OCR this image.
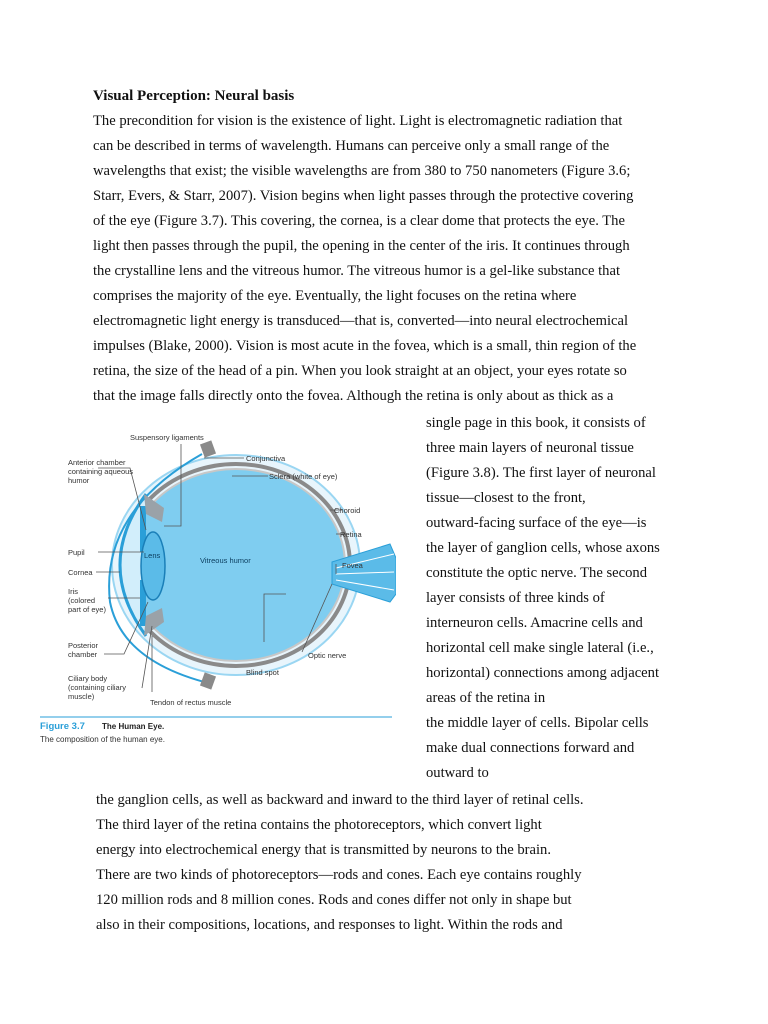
Visual Perception: Neural basis
The precondition for vision is the existence of light. Light is electromagnetic radiation that
can be described in terms of wavelength. Humans can perceive only a small range of the
wavelengths that exist; the visible wavelengths are from 380 to 750 nanometers (Figure 3.6;
Starr, Evers, & Starr, 2007). Vision begins when light passes through the protective covering
of the eye (Figure 3.7). This covering, the cornea, is a clear dome that protects the eye. The
light then passes through the pupil, the opening in the center of the iris. It continues through
the crystalline lens and the vitreous humor. The vitreous humor is a gel-like substance that
comprises the majority of the eye. Eventually, the light focuses on the retina where
electromagnetic light energy is transduced—that is, converted—into neural electrochemical
impulses (Blake, 2000). Vision is most acute in the fovea, which is a small, thin region of the
retina, the size of the head of a pin. When you look straight at an object, your eyes rotate so
that the image falls directly onto the fovea. Although the retina is only about as thick as a
single page in this book, it consists of
three main layers of neuronal tissue
(Figure 3.8). The first layer of neuronal
tissue—closest to the front,
outward-facing surface of the eye—is
the layer of ganglion cells, whose axons
constitute the optic nerve. The second
layer consists of three kinds of
interneuron cells. Amacrine cells and
horizontal cell make single lateral (i.e.,
horizontal) connections among adjacent
areas of the retina in
the middle layer of cells. Bipolar cells
make dual connections forward and
outward to
the ganglion cells, as well as backward and inward to the third layer of retinal cells.
The third layer of the retina contains the photoreceptors, which convert light
energy into electrochemical energy that is transmitted by neurons to the brain.
There are two kinds of photoreceptors—rods and cones. Each eye contains roughly
120 million rods and 8 million cones. Rods and cones differ not only in shape but
also in their compositions, locations, and responses to light. Within the rods and
Suspensory ligaments
Conjunctiva
Sclera (white of eye)
Anterior chamber
containing aqueous
humor
Choroid
Retina
Fovea
Pupil	Lens
Vitreous humor
Cornea
Iris
(colored
part of eye)
Posterior
chamber	Optic nerve
Blind spot
Ciliary body
(containing ciliary
muscle)
Tendon of rectus muscle
Figure 3.7 The Human Eye.
The composition of the human eye.
